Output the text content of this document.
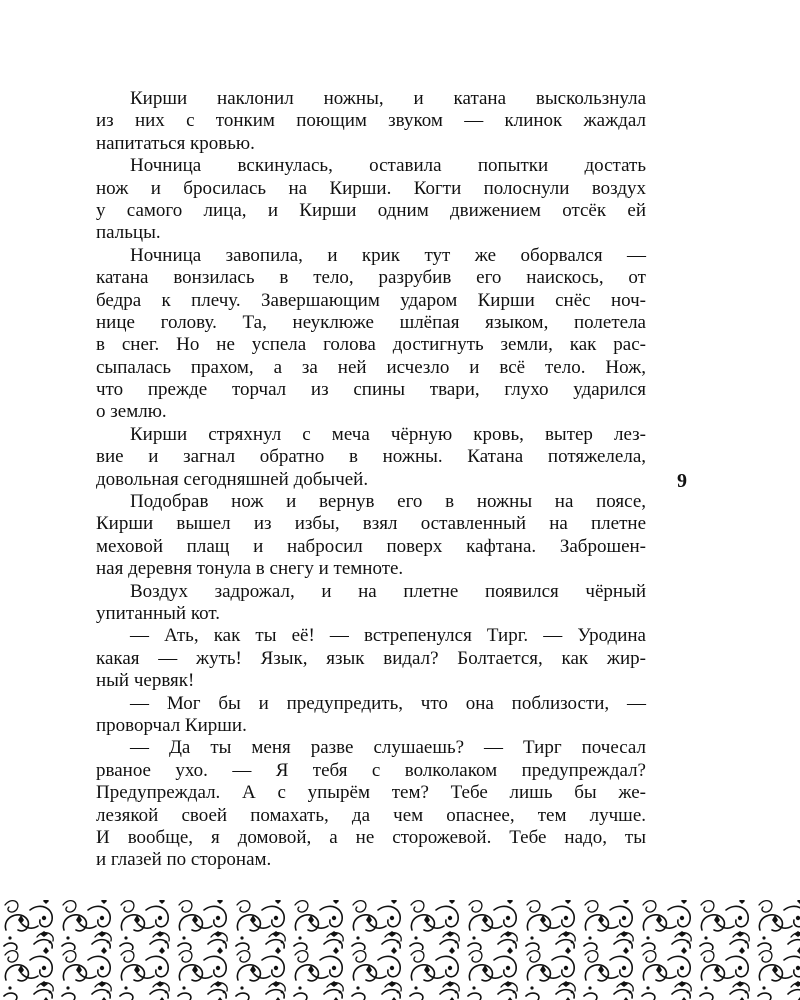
Кирши наклонил ножны, и катана выскользнула
из них с тонким поющим звуком — клинок жаждал
напитаться кровью.
Ночница вскинулась, оставила попытки достать
нож и бросилась на Кирши. Когти полоснули воздух
у самого лица, и Кирши одним движением отсёк ей
пальцы.
Ночница завопила, и крик тут же оборвался —
катана вонзилась в тело, разрубив его наискось, от
бедра к плечу. Завершающим ударом Кирши снёс ноч-
нице голову. Та, неуклюже шлёпая языком, полетела
в снег. Но не успела голова достигнуть земли, как рас-
сыпалась прахом, а за ней исчезло и всё тело. Нож,
что прежде торчал из спины твари, глухо ударился
о землю.
Кирши стряхнул с меча чёрную кровь, вытер лез-
вие и загнал обратно в ножны. Катана потяжелела,
довольная сегодняшней добычей.
Подобрав нож и вернув его в ножны на поясе,
Кирши вышел из избы, взял оставленный на плетне
меховой плащ и набросил поверх кафтана. Заброшен-
ная деревня тонула в снегу и темноте.
Воздух задрожал, и на плетне появился чёрный
упитанный кот.
— Ать, как ты её! — встрепенулся Тирг. — Уродина
какая — жуть! Язык, язык видал? Болтается, как жир-
ный червяк!
— Мог бы и предупредить, что она поблизости, —
проворчал Кирши.
— Да ты меня разве слушаешь? — Тирг почесал
рваное ухо. — Я тебя с волколаком предупреждал?
Предупреждал. А с упырём тем? Тебе лишь бы же-
лезякой своей помахать, да чем опаснее, тем лучше.
И вообще, я домовой, а не сторожевой. Тебе надо, ты
и глазей по сторонам.
9
